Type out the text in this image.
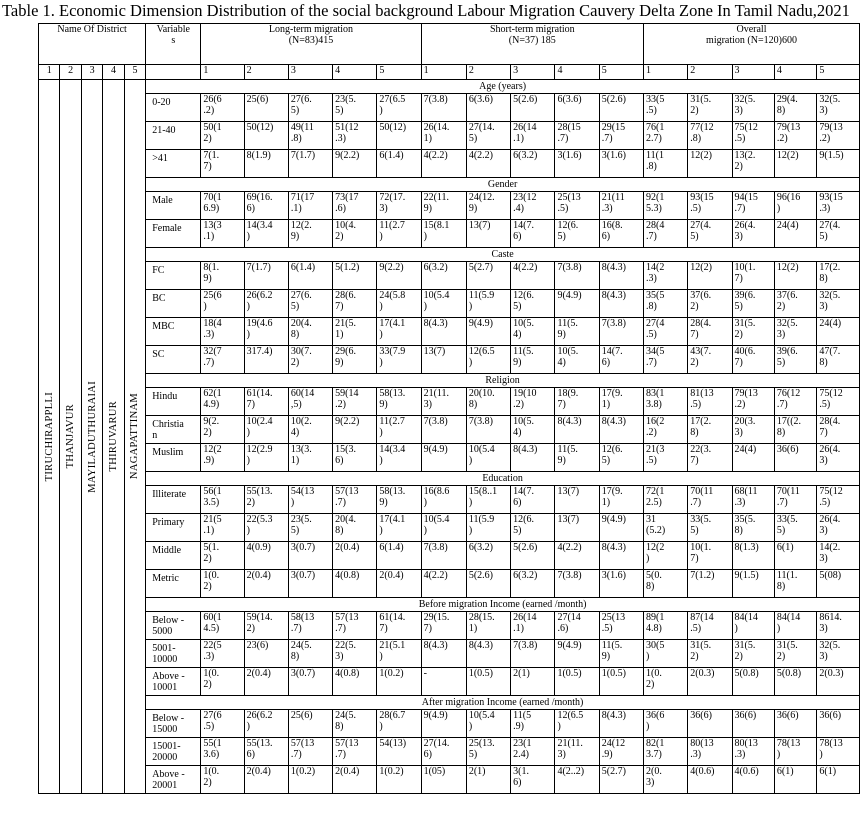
Table 1. Economic Dimension Distribution of the social background Labour Migration Cauvery Delta Zone In Tamil Nadu,2021
Name Of District					Variable
s	Long-term migration
(N=83)415					Short-term migration
(N=37) 185					Overall
migration (N=120)600				
1	2	3	4	5		1	2	3	4	5	1	2	3	4	5	1	2	3	4	5

TIRUCHIRAPPLLI	THANJAVUR	MAYILADUTHURAIAI	THIRUVARUR	NAGAPATTINAM	Age (years)															
					0-20	26(6
.2)	25(6)	27(6.
5)	23(5.
5)	27(6.5
)	7(3.8)	6(3.6)	5(2.6)	6(3.6)	5(2.6)	33(5
.5)	31(5.
2)	32(5.
3)	29(4.
8)	32(5.
3)
					21-40	50(1
2)	50(12)	49(11
.8)	51(12
.3)	50(12)	26(14.
1)	27(14.
5)	26(14
.1)	28(15
.7)	29(15
.7)	76(1
2.7)	77(12
.8)	75(12
.5)	79(13
.2)	79(13
.2)
					>41	7(1.
7)	8(1.9)	7(1.7)	9(2.2)	6(1.4)	4(2.2)	4(2.2)	6(3.2)	3(1.6)	3(1.6)	11(1
.8)	12(2)	13(2.
2)	12(2)	9(1.5)
					Gender															
					Male	70(1
6.9)	69(16.
6)	71(17
.1)	73(17
.6)	72(17.
3)	22(11.
9)	24(12.
9)	23(12
.4)	25(13
.5)	21(11
.3)	92(1
5.3)	93(15
.5)	94(15
.7)	96(16
)	93(15
.3)
					Female	13(3
.1)	14(3.4
)	12(2.
9)	10(4.
2)	11(2.7
)	15(8.1
)	13(7)	14(7.
6)	12(6.
5)	16(8.
6)	28(4
.7)	27(4.
5)	26(4.
3)	24(4)	27(4.
5)
					Caste															
					FC	8(1.
9)	7(1.7)	6(1.4)	5(1.2)	9(2.2)	6(3.2)	5(2.7)	4(2.2)	7(3.8)	8(4.3)	14(2
.3)	12(2)	10(1.
7)	12(2)	17(2.
8)
					BC	25(6
)	26(6.2
)	27(6.
5)	28(6.
7)	24(5.8
)	10(5.4
)	11(5.9
)	12(6.
5)	9(4.9)	8(4.3)	35(5
.8)	37(6.
2)	39(6.
5)	37(6.
2)	32(5.
3)
					MBC	18(4
.3)	19(4.6
)	20(4.
8)	21(5.
1)	17(4.1
)	8(4.3)	9(4.9)	10(5.
4)	11(5.
9)	7(3.8)	27(4
.5)	28(4.
7)	31(5.
2)	32(5.
3)	24(4)
					SC	32(7
.7)	317.4)	30(7.
2)	29(6.
9)	33(7.9
)	13(7)	12(6.5
)	11(5.
9)	10(5.
4)	14(7.
6)	34(5
.7)	43(7.
2)	40(6.
7)	39(6.
5)	47(7.
8)
					Religion															
					Hindu	62(1
4.9)	61(14.
7)	60(14
,5)	59(14
.2)	58(13.
9)	21(11.
3)	20(10.
8)	19(10
.2)	18(9.
7)	17(9.
1)	83(1
3.8)	81(13
.5)	79(13
.2)	76(12
.7)	75(12
.5)
					Christia
n	9(2.
2)	10(2.4
)	10(2.
4)	9(2.2)	11(2.7
)	7(3.8)	7(3.8)	10(5.
4)	8(4.3)	8(4.3)	16(2
.2)	17(2.
8)	20(3.
3)	17((2.
8)	28(4.
7)
					Muslim	12(2
.9)	12(2.9
)	13(3.
1)	15(3.
6)	14(3.4
)	9(4.9)	10(5.4
)	8(4.3)	11(5.
9)	12(6.
5)	21(3
.5)	22(3.
7)	24(4)	36(6)	26(4.
3)
					Education															
					Illiterate	56(1
3.5)	55(13.
2)	54(13
)	57(13
.7)	58(13.
9)	16(8.6
)	15(8..1
)	14(7.
6)	13(7)	17(9.
1)	72(1
2.5)	70(11
.7)	68(11
.3)	70(11
.7)	75(12
.5)
					Primary	21(5
.1)	22(5.3
)	23(5.
5)	20(4.
8)	17(4.1
)	10(5.4
)	11(5.9
)	12(6.
5)	13(7)	9(4.9)	31
(5.2)	33(5.
5)	35(5.
8)	33(5.
5)	26(4.
3)
					Middle	5(1.
2)	4(0.9)	3(0.7)	2(0.4)	6(1.4)	7(3.8)	6(3.2)	5(2.6)	4(2.2)	8(4.3)	12(2
)	10(1.
7)	8(1.3)	6(1)	14(2.
3)
					Metric	1(0.
2)	2(0.4)	3(0.7)	4(0.8)	2(0.4)	4(2.2)	5(2.6)	6(3.2)	7(3.8)	3(1.6)	5(0.
8)	7(1.2)	9(1.5)	11(1.
8)	5(08)
					Before migration Income (earned /month)															
					Below -
5000	60(1
4.5)	59(14.
2)	58(13
.7)	57(13
.7)	61(14.
7)	29(15.
7)	28(15.
1)	26(14
.1)	27(14
.6)	25(13
.5)	89(1
4.8)	87(14
.5)	84(14
)	84(14
)	8614.
3)
					5001-
10000	22(5
.3)	23(6)	24(5.
8)	22(5.
3)	21(5.1
)	8(4.3)	8(4.3)	7(3.8)	9(4.9)	11(5.
9)	30(5
)	31(5.
2)	31(5.
2)	31(5.
2)	32(5.
3)
					Above -
10001	1(0.
2)	2(0.4)	3(0.7)	4(0.8)	1(0.2)	-	1(0.5)	2(1)	1(0.5)	1(0.5)	1(0.
2)	2(0.3)	5(0.8)	5(0.8)	2(0.3)
					After migration Income (earned /month)															
					Below -
15000	27(6
.5)	26(6.2
)	25(6)	24(5.
8)	28(6.7
)	9(4.9)	10(5.4
)	11(5
.9)	12(6.5
)	8(4.3)	36(6
)	36(6)	36(6)	36(6)	36(6)
					15001-
20000	55(1
3.6)	55(13.
6)	57(13
.7)	57(13
.7)	54(13)	27(14.
6)	25(13.
5)	23(1
2.4)	21(11.
3)	24(12
.9)	82(1
3.7)	80(13
.3)	80(13
.3)	78(13
)	78(13
)
					Above -
20001	1(0.
2)	2(0.4)	1(0.2)	2(0.4)	1(0.2)	1(05)	2(1)	3(1.
6)	4(2..2)	5(2.7)	2(0.
3)	4(0.6)	4(0.6)	6(1)	6(1)
